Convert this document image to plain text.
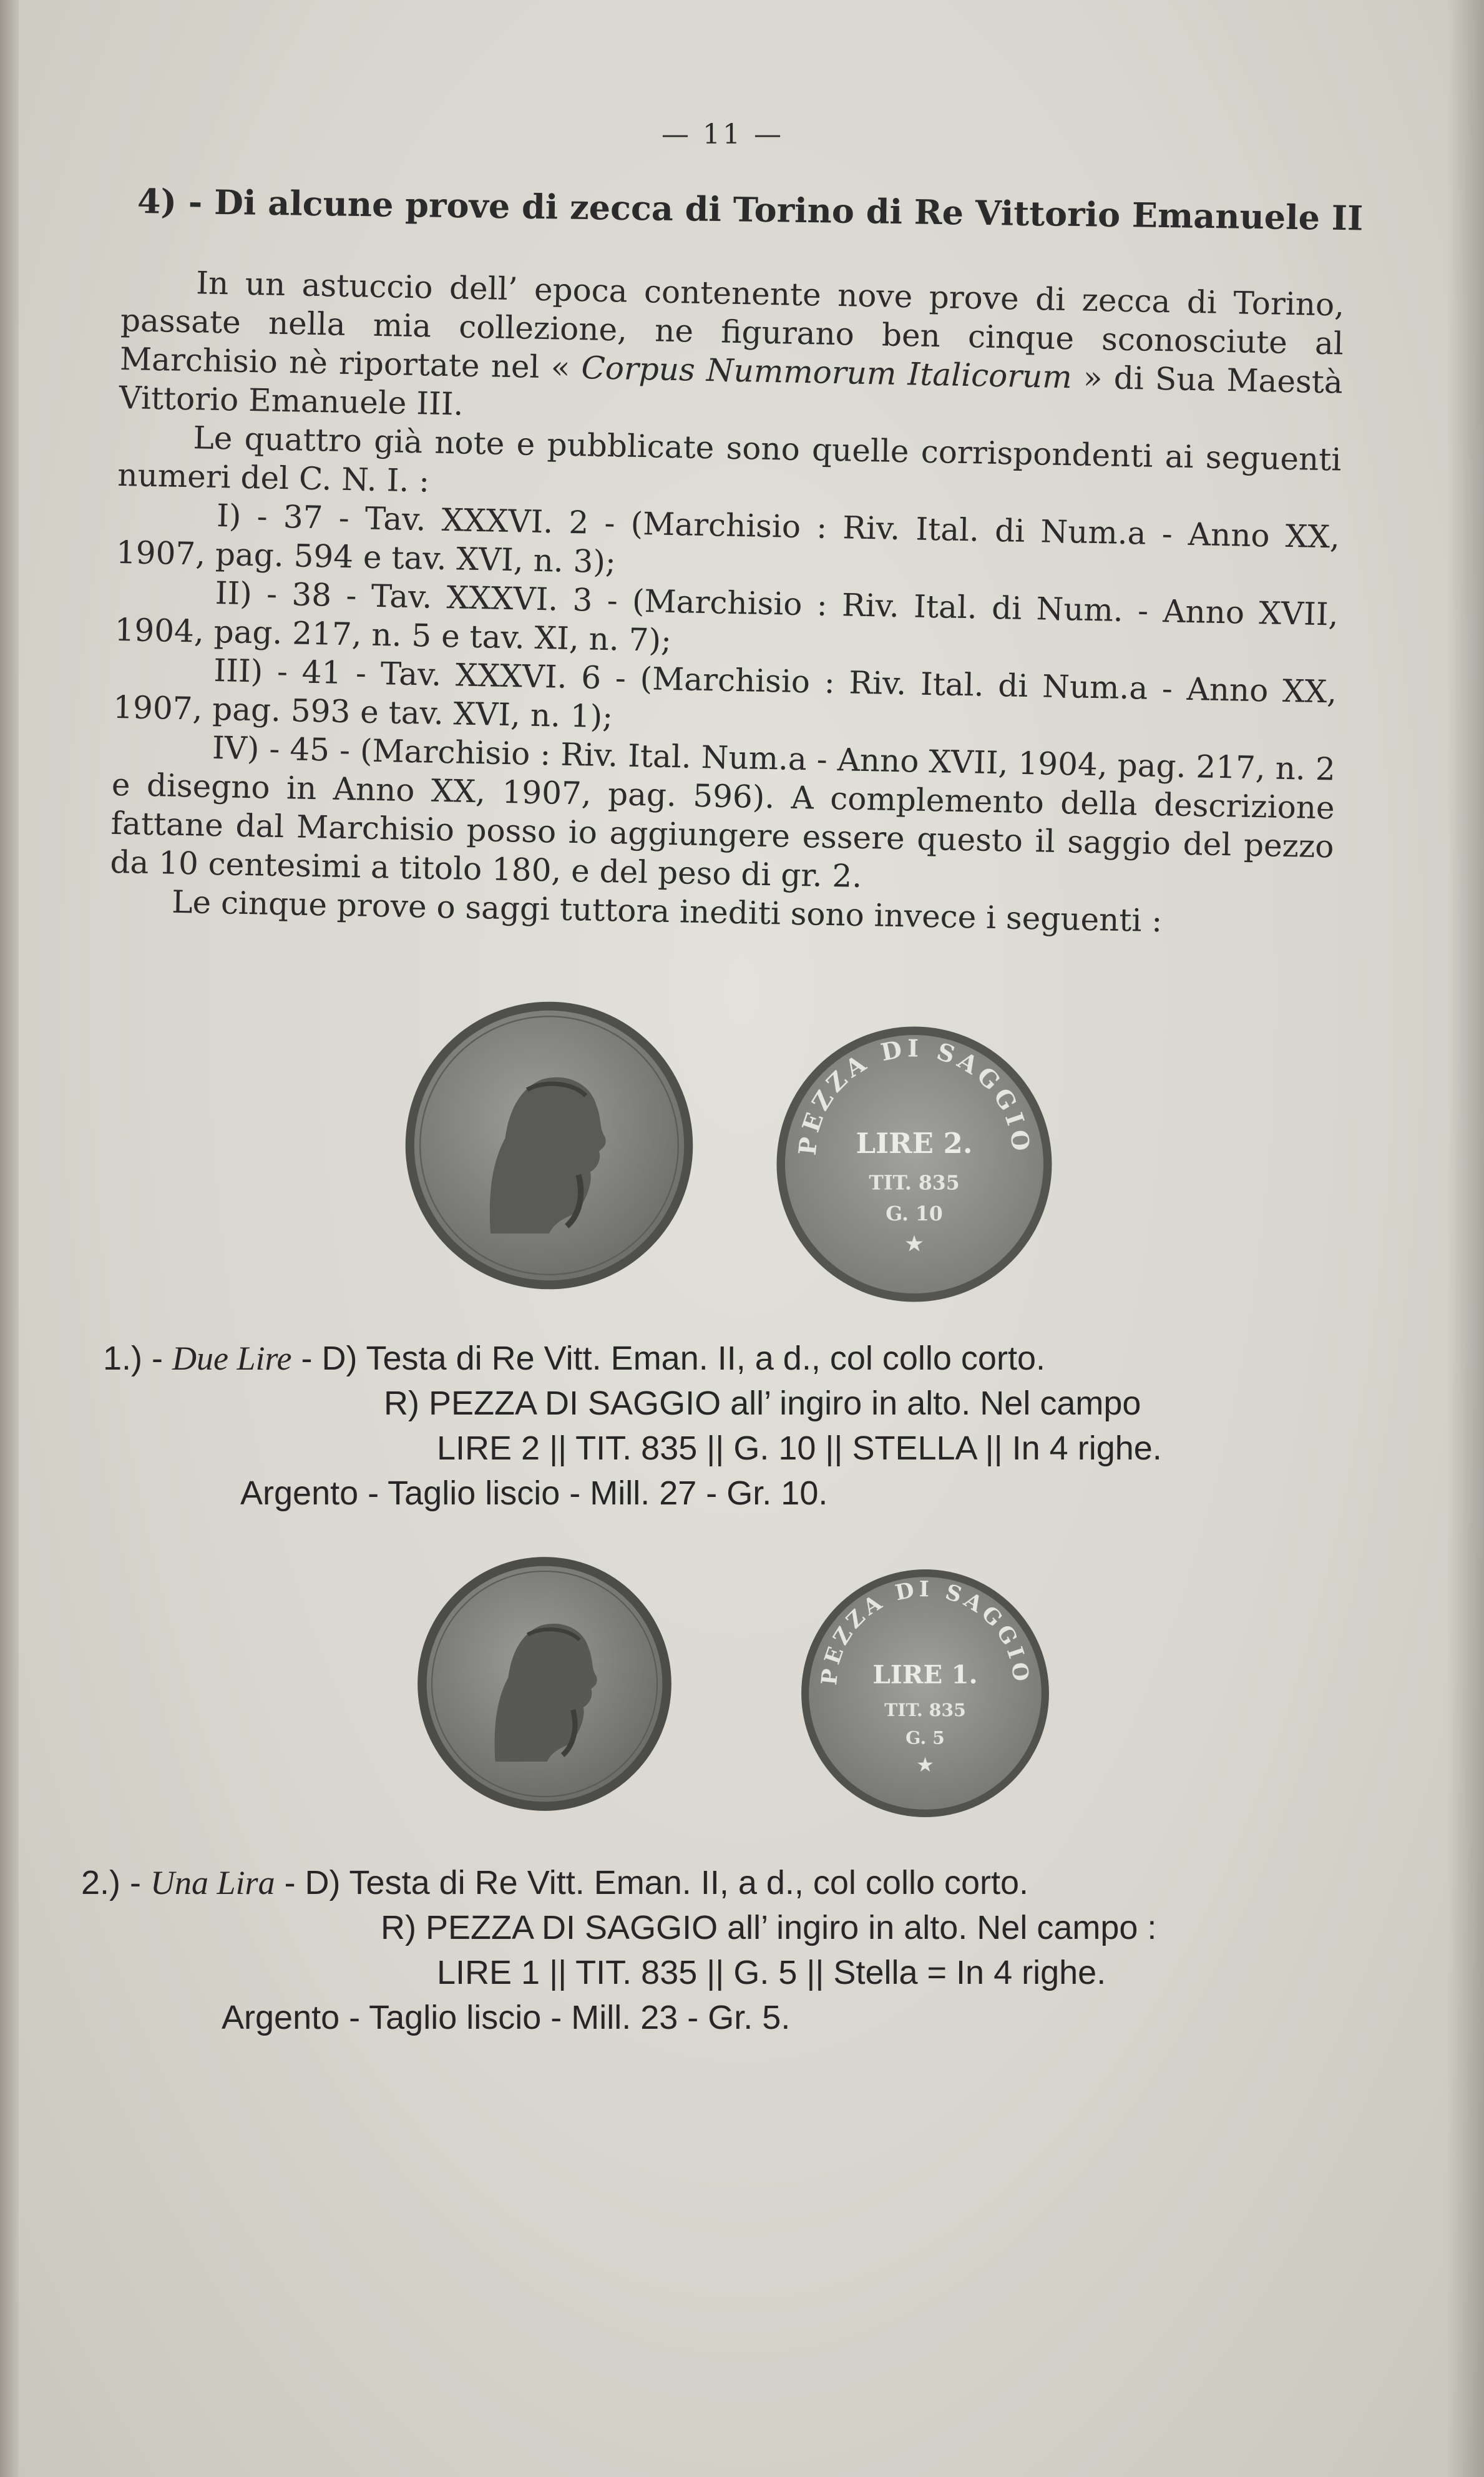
— 11 —
4) - Di alcune prove di zecca di Torino di Re Vittorio Emanuele II

In un astuccio dell’ epoca contenente nove prove di zecca di Torino, passate nella mia collezione, ne figurano ben cinque sconosciute al Marchisio nè riportate nel « Corpus Nummorum Italicorum » di Sua Maestà Vittorio Emanuele III.

Le quattro già note e pubblicate sono quelle corrispondenti ai seguenti numeri del C. N. I. :

I) - 37 - Tav. XXXVI. 2 - (Marchisio : Riv. Ital. di Num.a - Anno XX, 1907, pag. 594 e tav. XVI, n. 3);

II) - 38 - Tav. XXXVI. 3 - (Marchisio : Riv. Ital. di Num. - Anno XVII, 1904, pag. 217, n. 5 e tav. XI, n. 7);

III) - 41 - Tav. XXXVI. 6 - (Marchisio : Riv. Ital. di Num.a - Anno XX, 1907, pag. 593 e tav. XVI, n. 1);

IV) - 45 - (Marchisio : Riv. Ital. Num.a - Anno XVII, 1904, pag. 217, n. 2 e disegno in Anno XX, 1907, pag. 596). A complemento della descrizione fattane dal Marchisio posso io aggiungere essere questo il saggio del pezzo da 10 centesimi a titolo 180, e del peso di gr. 2.

Le cinque prove o saggi tuttora inediti sono invece i seguenti :

PEZZA DI SAGGIO
LIRE 2.
TIT. 835
G. 10
★
1.) - Due Lire - D) Testa di Re Vitt. Eman. II, a d., col collo corto.
R) PEZZA DI SAGGIO all’ ingiro in alto. Nel campo
LIRE 2 || TIT. 835 || G. 10 || STELLA || In 4 righe.
Argento - Taglio liscio - Mill. 27 - Gr. 10.
PEZZA DI SAGGIO
LIRE 1.
TIT. 835
G. 5
★
2.) - Una Lira - D) Testa di Re Vitt. Eman. II, a d., col collo corto.
R) PEZZA DI SAGGIO all’ ingiro in alto. Nel campo :
LIRE 1 || TIT. 835 || G. 5 || Stella = In 4 righe.
Argento - Taglio liscio - Mill. 23 - Gr. 5.
